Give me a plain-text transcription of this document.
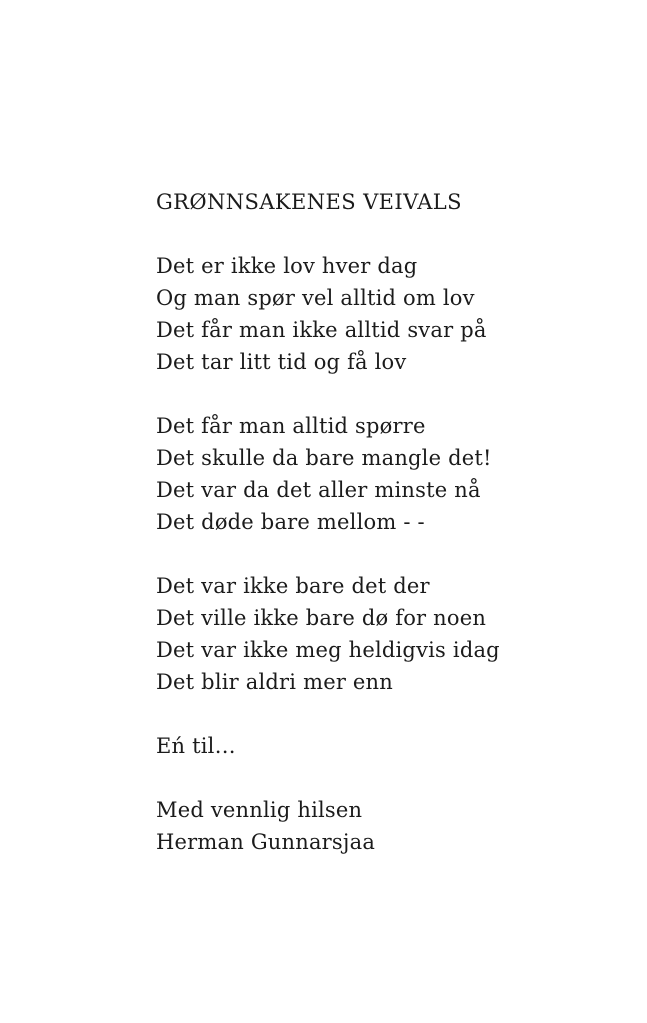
GRØNNSAKENES VEIVALS
Det er ikke lov hver dag
Og man spør vel alltid om lov
Det får man ikke alltid svar på
Det tar litt tid og få lov
Det får man alltid spørre
Det skulle da bare mangle det!
Det var da det aller minste nå
Det døde bare mellom - -
Det var ikke bare det der
Det ville ikke bare dø for noen
Det var ikke meg heldigvis idag
Det blir aldri mer enn
Eń til…
Med vennlig hilsen
Herman Gunnarsjaa
